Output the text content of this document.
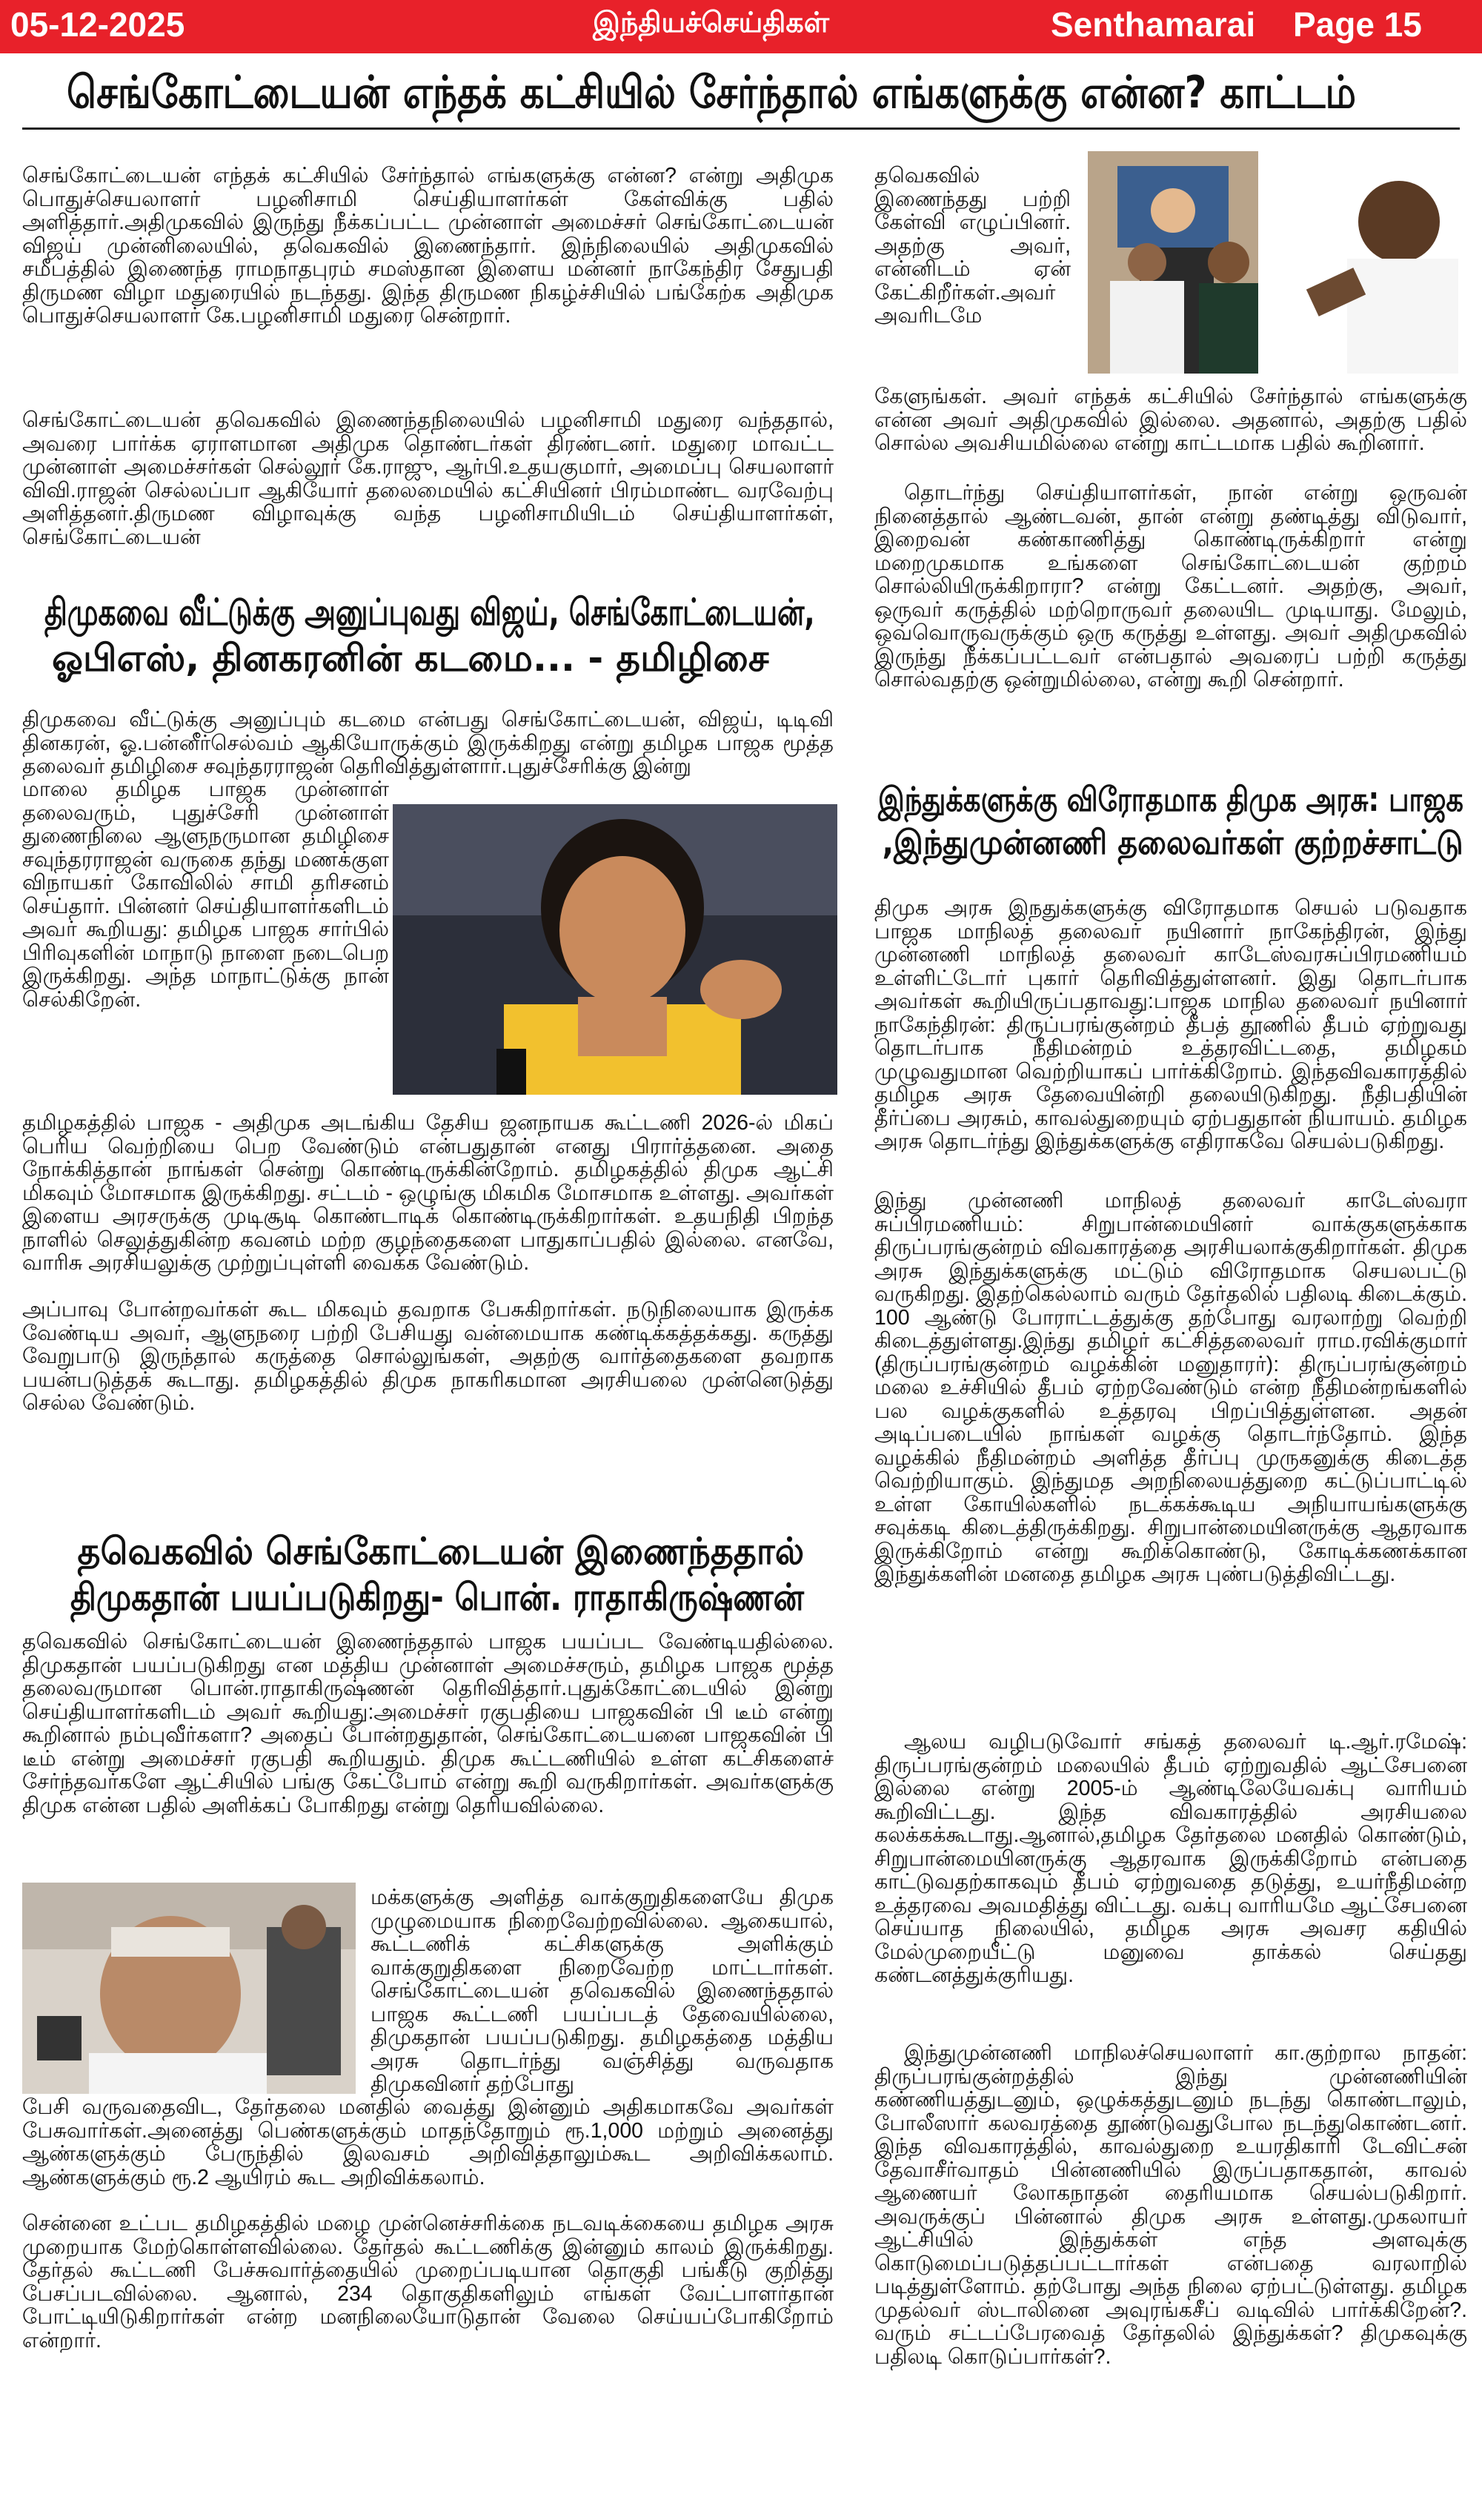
05-12-2025	இந்தியச்செய்திகள்	Senthamarai Page 15
செங்கோட்டையன் எந்தக் கட்சியில் சேர்ந்தால் எங்களுக்கு என்ன? காட்டம்

செங்கோட்டையன் எந்தக் கட்சியில் சேர்ந்தால் எங்களுக்கு என்ன? என்று அதிமுக பொதுச்செயலாளர் பழனிசாமி செய்தியாளர்கள் கேள்விக்கு பதில் அளித்தார்.அதிமுகவில் இருந்து நீக்கப்பட்ட முன்னாள் அமைச்சர் செங்கோட்டையன் விஜய் முன்னிலையில், தவெகவில் இணைந்தார். இந்நிலையில் அதிமுகவில் சமீபத்தில் இணைந்த ராமநாதபுரம் சமஸ்தான இளைய மன்னர் நாகேந்திர சேதுபதி திருமண விழா மதுரையில் நடந்தது. இந்த திருமண நிகழ்ச்சியில் பங்கேற்க அதிமுக பொதுச்செயலாளர் கே.பழனிசாமி மதுரை சென்றார்.

செங்கோட்டையன் தவெகவில் இணைந்தநிலையில் பழனிசாமி மதுரை வந்ததால், அவரை பார்க்க ஏராளமான அதிமுக தொண்டர்கள் திரண்டனர். மதுரை மாவட்ட முன்னாள் அமைச்சர்கள் செல்லூர் கே.ராஜு, ஆர்பி.உதயகுமார், அமைப்பு செயலாளர் விவி.ராஜன் செல்லப்பா ஆகியோர் தலைமையில் கட்சியினர் பிரம்மாண்ட வரவேற்பு அளித்தனர்.திருமண விழாவுக்கு வந்த பழனிசாமியிடம் செய்தியாளர்கள், செங்கோட்டையன்

தவெகவில் இணைந்தது பற்றி கேள்வி எழுப்பினர். அதற்கு அவர், என்னிடம் ஏன் கேட்கிறீர்கள்.அவர் அவரிடமே

கேளுங்கள். அவர் எந்தக் கட்சியில் சேர்ந்தால் எங்களுக்கு என்ன அவர் அதிமுகவில் இல்லை. அதனால், அதற்கு பதில் சொல்ல அவசியமில்லை என்று காட்டமாக பதில் கூறினார்.

தொடர்ந்து செய்தியாளர்கள், நான் என்று ஒருவன் நினைத்தால் ஆண்டவன், தான் என்று தண்டித்து விடுவார், இறைவன் கண்காணித்து கொண்டிருக்கிறார் என்று மறைமுகமாக உங்களை செங்கோட்டையன் குற்றம் சொல்லியிருக்கிறாரா? என்று கேட்டனர். அதற்கு, அவர், ஒருவர் கருத்தில் மற்றொருவர் தலையிட முடியாது. மேலும், ஒவ்வொருவருக்கும் ஒரு கருத்து உள்ளது. அவர் அதிமுகவில் இருந்து நீக்கப்பட்டவர் என்பதால் அவரைப் பற்றி கருத்து சொல்வதற்கு ஒன்றுமில்லை, என்று கூறி சென்றார்.

திமுகவை வீட்டுக்கு அனுப்புவது விஜய், செங்கோட்டையன்,
ஓபிஎஸ், தினகரனின் கடமை... - தமிழிசை

திமுகவை வீட்டுக்கு அனுப்பும் கடமை என்பது செங்கோட்டையன், விஜய், டிடிவி தினகரன், ஓ.பன்னீர்செல்வம் ஆகியோருக்கும் இருக்கிறது என்று தமிழக பாஜக மூத்த தலைவர் தமிழிசை சவுந்தரராஜன் தெரிவித்துள்ளார்.புதுச்சேரிக்கு இன்று

மாலை தமிழக பாஜக முன்னாள் தலைவரும், புதுச்சேரி முன்னாள் துணைநிலை ஆளுநருமான தமிழிசை சவுந்தரராஜன் வருகை தந்து மணக்குள விநாயகர் கோவிலில் சாமி தரிசனம் செய்தார். பின்னர் செய்தியாளர்களிடம் அவர் கூறியது: தமிழக பாஜக சார்பில் பிரிவுகளின் மாநாடு நாளை நடைபெற இருக்கிறது. அந்த மாநாட்டுக்கு நான் செல்கிறேன்.

தமிழகத்தில் பாஜக - அதிமுக அடங்கிய தேசிய ஜனநாயக கூட்டணி 2026-ல் மிகப் பெரிய வெற்றியை பெற வேண்டும் என்பதுதான் எனது பிரார்த்தனை. அதை நோக்கித்தான் நாங்கள் சென்று கொண்டிருக்கின்றோம். தமிழகத்தில் திமுக ஆட்சி மிகவும் மோசமாக இருக்கிறது. சட்டம் - ஒழுங்கு மிகமிக மோசமாக உள்ளது. அவர்கள் இளைய அரசருக்கு முடிசூடி கொண்டாடிக் கொண்டிருக்கிறார்கள். உதயநிதி பிறந்த நாளில் செலுத்துகின்ற கவனம் மற்ற குழந்தைகளை பாதுகாப்பதில் இல்லை. எனவே, வாரிசு அரசியலுக்கு முற்றுப்புள்ளி வைக்க வேண்டும்.

அப்பாவு போன்றவர்கள் கூட மிகவும் தவறாக பேசுகிறார்கள். நடுநிலையாக இருக்க வேண்டிய அவர், ஆளுநரை பற்றி பேசியது வன்மையாக கண்டிக்கத்தக்கது. கருத்து வேறுபாடு இருந்தால் கருத்தை சொல்லுங்கள், அதற்கு வார்த்தைகளை தவறாக பயன்படுத்தக் கூடாது. தமிழகத்தில் திமுக நாகரிகமான அரசியலை முன்னெடுத்து செல்ல வேண்டும்.

தவெகவில் செங்கோட்டையன் இணைந்ததால்
திமுகதான் பயப்படுகிறது- பொன். ராதாகிருஷ்ணன்

தவெகவில் செங்கோட்டையன் இணைந்ததால் பாஜக பயப்பட வேண்டியதில்லை. திமுகதான் பயப்படுகிறது என மத்திய முன்னாள் அமைச்சரும், தமிழக பாஜக மூத்த தலைவருமான பொன்.ராதாகிருஷ்ணன் தெரிவித்தார்.புதுக்கோட்டையில் இன்று செய்தியாளர்களிடம் அவர் கூறியது:அமைச்சர் ரகுபதியை பாஜகவின் பி டீம் என்று கூறினால் நம்புவீர்களா? அதைப் போன்றதுதான், செங்கோட்டையனை பாஜகவின் பி டீம் என்று அமைச்சர் ரகுபதி கூறியதும். திமுக கூட்டணியில் உள்ள கட்சிகளைச் சேர்ந்தவர்களே ஆட்சியில் பங்கு கேட்போம் என்று கூறி வருகிறார்கள். அவர்களுக்கு திமுக என்ன பதில் அளிக்கப் போகிறது என்று தெரியவில்லை.

மக்களுக்கு அளித்த வாக்குறுதிகளையே திமுக முழுமையாக நிறைவேற்றவில்லை. ஆகையால், கூட்டணிக் கட்சிகளுக்கு அளிக்கும் வாக்குறுதிகளை நிறைவேற்ற மாட்டார்கள். செங்கோட்டையன் தவெகவில் இணைந்ததால் பாஜக கூட்டணி பயப்படத் தேவையில்லை, திமுகதான் பயப்படுகிறது. தமிழகத்தை மத்திய அரசு தொடர்ந்து வஞ்சித்து வருவதாக திமுகவினர் தற்போது

பேசி வருவதைவிட, தேர்தலை மனதில் வைத்து இன்னும் அதிகமாகவே அவர்கள் பேசுவார்கள்.அனைத்து பெண்களுக்கும் மாதந்தோறும் ரூ.1,000 மற்றும் அனைத்து ஆண்களுக்கும் பேருந்தில் இலவசம் அறிவித்தாலும்கூட அறிவிக்கலாம். ஆண்களுக்கும் ரூ.2 ஆயிரம் கூட அறிவிக்கலாம்.

சென்னை உட்பட தமிழகத்தில் மழை முன்னெச்சரிக்கை நடவடிக்கையை தமிழக அரசு முறையாக மேற்கொள்ளவில்லை. தேர்தல் கூட்டணிக்கு இன்னும் காலம் இருக்கிறது. தேர்தல் கூட்டணி பேச்சுவார்த்தையில் முறைப்படியான தொகுதி பங்கீடு குறித்து பேசப்படவில்லை. ஆனால், 234 தொகுதிகளிலும் எங்கள் வேட்பாளர்தான் போட்டியிடுகிறார்கள் என்ற மனநிலையோடுதான் வேலை செய்யப்போகிறோம் என்றார்.

இந்துக்களுக்கு விரோதமாக திமுக அரசு: பாஜக
,இந்துமுன்னணி தலைவர்கள் குற்றச்சாட்டு

திமுக அரசு இநதுக்களுக்கு விரோதமாக செயல் படுவதாக பாஜக மாநிலத் தலைவர் நயினார் நாகேந்திரன், இந்து முன்னணி மாநிலத் தலைவர் காடேஸ்வரசுப்பிரமணியம் உள்ளிட்டோர் புகார் தெரிவித்துள்ளனர். இது தொடர்பாக அவர்கள் கூறியிருப்பதாவது:பாஜக மாநில தலைவர் நயினார் நாகேந்திரன்: திருப்பரங்குன்றம் தீபத் தூணில் தீபம் ஏற்றுவது தொடர்பாக நீதிமன்றம் உத்தரவிட்டதை, தமிழகம் முழுவதுமான வெற்றியாகப் பார்க்கிறோம். இந்தவிவகாரத்தில் தமிழக அரசு தேவையின்றி தலையிடுகிறது. நீதிபதியின் தீர்ப்பை அரசும், காவல்துறையும் ஏற்பதுதான் நியாயம். தமிழக அரசு தொடர்ந்து இந்துக்களுக்கு எதிராகவே செயல்படுகிறது.

இந்து முன்னணி மாநிலத் தலைவர் காடேஸ்வரா சுப்பிரமணியம்: சிறுபான்மையினர் வாக்குகளுக்காக திருப்பரங்குன்றம் விவகாரத்தை அரசியலாக்குகிறார்கள். திமுக அரசு இந்துக்களுக்கு மட்டும் விரோதமாக செயலபட்டு வருகிறது. இதற்கெல்லாம் வரும் தேர்தலில் பதிலடி கிடைக்கும். 100 ஆண்டு போராட்டத்துக்கு தற்போது வரலாற்று வெற்றி கிடைத்துள்ளது.இந்து தமிழர் கட்சித்தலைவர் ராம.ரவிக்குமார் (திருப்பரங்குன்றம் வழக்கின் மனுதாரர்): திருப்பரங்குன்றம் மலை உச்சியில் தீபம் ஏற்றவேண்டும் என்ற நீதிமன்றங்களில் பல வழக்குகளில் உத்தரவு பிறப்பித்துள்ளன. அதன் அடிப்படையில் நாங்கள் வழக்கு தொடர்ந்தோம். இந்த வழக்கில் நீதிமன்றம் அளித்த தீர்ப்பு முருகனுக்கு கிடைத்த வெற்றியாகும். இந்துமத அறநிலையத்துறை கட்டுப்பாட்டில் உள்ள கோயில்களில் நடக்கக்கூடிய அநியாயங்களுக்கு சவுக்கடி கிடைத்திருக்கிறது. சிறுபான்மையினருக்கு ஆதரவாக இருக்கிறோம் என்று கூறிக்கொண்டு, கோடிக்கணக்கான இந்துக்களின் மனதை தமிழக அரசு புண்படுத்திவிட்டது.

ஆலய வழிபடுவோர் சங்கத் தலைவர் டி.ஆர்.ரமேஷ்: திருப்பரங்குன்றம் மலையில் தீபம் ஏற்றுவதில் ஆட்சேபனை இல்லை என்று 2005-ம் ஆண்டிலேயேவக்பு வாரியம் கூறிவிட்டது. இந்த விவகாரத்தில் அரசியலை கலக்கக்கூடாது.ஆனால்,தமிழக தேர்தலை மனதில் கொண்டும், சிறுபான்மையினருக்கு ஆதரவாக இருக்கிறோம் என்பதை காட்டுவதற்காகவும் தீபம் ஏற்றுவதை தடுத்து, உயர்நீதிமன்ற உத்தரவை அவமதித்து விட்டது. வக்பு வாரியமே ஆட்சேபனை செய்யாத நிலையில், தமிழக அரசு அவசர கதியில் மேல்முறையீட்டு மனுவை தாக்கல் செய்தது கண்டனத்துக்குரியது.

இந்துமுன்னணி மாநிலச்செயலாளர் கா.குற்றால நாதன்: திருப்பரங்குன்றத்தில் இந்து முன்னணியின் கண்ணியத்துடனும், ஒழுக்கத்துடனும் நடந்து கொண்டாலும், போலீஸார் கலவரத்தை தூண்டுவதுபோல நடந்துகொண்டனர். இந்த விவகாரத்தில், காவல்துறை உயரதிகாரி டேவிட்சன் தேவாசீர்வாதம் பின்னணியில் இருப்பதாகதான், காவல் ஆணையர் லோகநாதன் தைரியமாக செயல்படுகிறார். அவருக்குப் பின்னால் திமுக அரசு உள்ளது.முகலாயர் ஆட்சியில் இந்துக்கள் எந்த அளவுக்கு கொடுமைப்படுத்தப்பட்டார்கள் என்பதை வரலாறில் படித்துள்ளோம். தற்போது அந்த நிலை ஏற்பட்டுள்ளது. தமிழக முதல்வர் ஸ்டாலினை அவுரங்கசீப் வடிவில் பார்க்கிறேன்?. வரும் சட்டப்பேரவைத் தேர்தலில் இந்துக்கள்? திமுகவுக்கு பதிலடி கொடுப்பார்கள்?.
